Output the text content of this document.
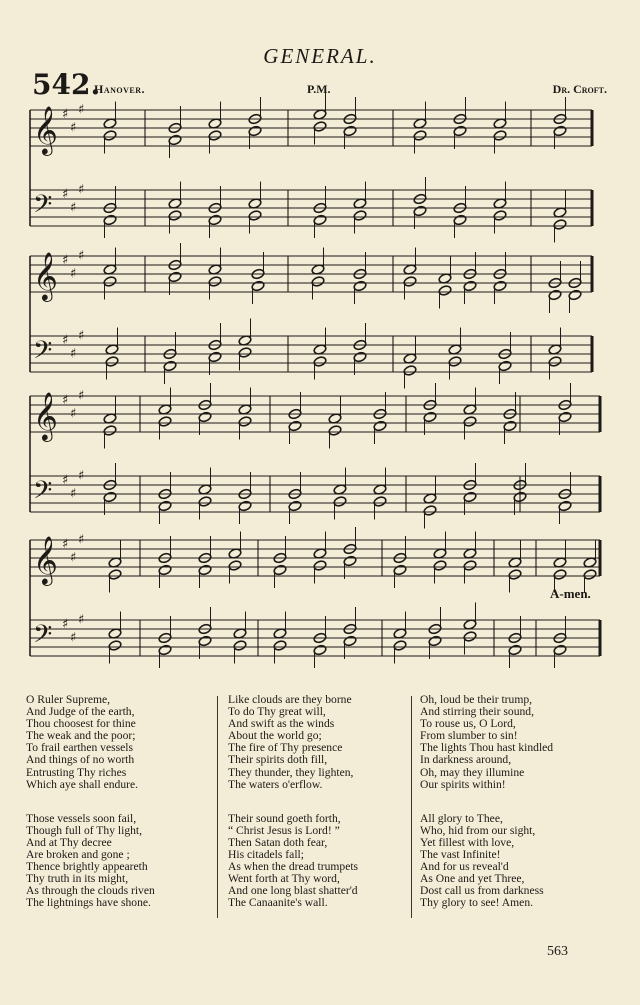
GENERAL.
542.
Hanover.	P.M.	Dr. Croft.
𝄞 ♯
♯
♯
𝄢 ♯
♯
♯
𝄞 ♯
♯
♯
𝄢 ♯
♯
♯
𝄞 ♯
♯
♯
𝄢 ♯
♯
♯
𝄞 ♯
♯
♯
𝄢 ♯
♯
♯
A-men.
O Ruler Supreme,
And Judge of the earth,
Thou choosest for thine
The weak and the poor;
To frail earthen vessels
And things of no worth
Entrusting Thy riches
Which aye shall endure.
Those vessels soon fail,
Though full of Thy light,
And at Thy decree
Are broken and gone ;
Thence brightly appeareth
Thy truth in its might,
As through the clouds riven
The lightnings have shone.
Like clouds are they borne
To do Thy great will,
And swift as the winds
About the world go;
The fire of Thy presence
Their spirits doth fill,
They thunder, they lighten,
The waters o'erflow.
Their sound goeth forth,
“ Christ Jesus is Lord! ”
Then Satan doth fear,
His citadels fall;
As when the dread trumpets
Went forth at Thy word,
And one long blast shatter'd
The Canaanite's wall.
Oh, loud be their trump,
And stirring their sound,
To rouse us, O Lord,
From slumber to sin!
The lights Thou hast kindled
In darkness around,
Oh, may they illumine
Our spirits within!
All glory to Thee,
Who, hid from our sight,
Yet fillest with love,
The vast Infinite!
And for us reveal'd
As One and yet Three,
Dost call us from darkness
Thy glory to see! Amen.
563
